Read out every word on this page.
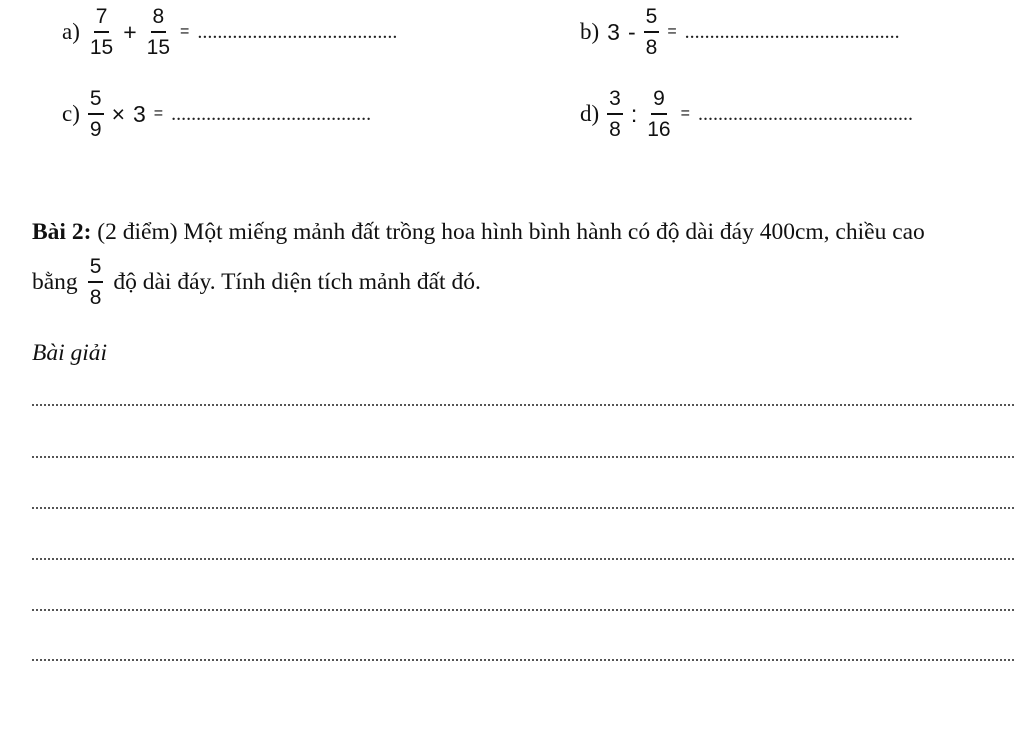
$a) \frac{7}{15} + \frac{8}{15}$ = ........................................	b) $3 - \frac{5}{8}$ = ...........................................
$c) \frac{5}{9} \times 3$ = ........................................	$d) \frac{3}{8}$ : $\frac{9}{16}$ = ...........................................
Bài 2: (2 điểm) Một miếng mảnh đất trồng hoa hình bình hành có độ dài đáy 400cm, chiều cao
bằng $\frac{5}{8}$ độ dài đáy. Tính diện tích mảnh đất đó.
Bài giải
